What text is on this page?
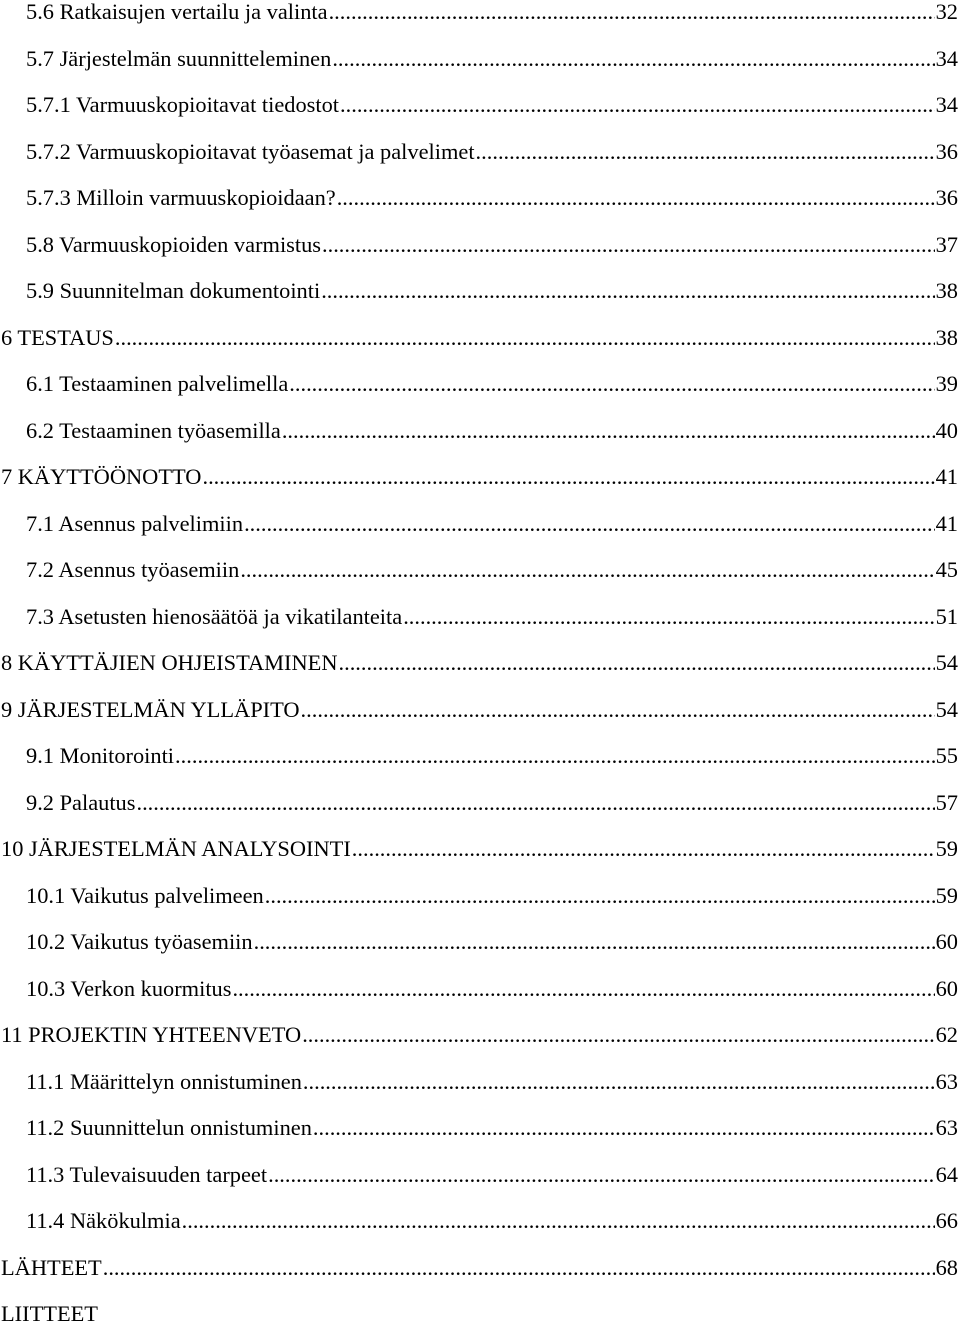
5.6 Ratkaisujen vertailu ja valinta .....	32
5.7 Järjestelmän suunnitteleminen .....	34
5.7.1 Varmuuskopioitavat tiedostot .....	34
5.7.2 Varmuuskopioitavat työasemat ja palvelimet .....	36
5.7.3 Milloin varmuuskopioidaan? .....	36
5.8 Varmuuskopioiden varmistus .....	37
5.9 Suunnitelman dokumentointi .....	38
6 TESTAUS .....	38
6.1 Testaaminen palvelimella .....	39
6.2 Testaaminen työasemilla .....	40
7 KÄYTTÖÖNOTTO .....	41
7.1 Asennus palvelimiin .....	41
7.2 Asennus työasemiin .....	45
7.3 Asetusten hienosäätöä ja vikatilanteita .....	51
8 KÄYTTÄJIEN OHJEISTAMINEN .....	54
9 JÄRJESTELMÄN YLLÄPITO .....	54
9.1 Monitorointi .....	55
9.2 Palautus .....	57
10 JÄRJESTELMÄN ANALYSOINTI .....	59
10.1 Vaikutus palvelimeen .....	59
10.2 Vaikutus työasemiin .....	60
10.3 Verkon kuormitus .....	60
11 PROJEKTIN YHTEENVETO .....	62
11.1 Määrittelyn onnistuminen .....	63
11.2 Suunnittelun onnistuminen .....	63
11.3 Tulevaisuuden tarpeet .....	64
11.4 Näkökulmia .....	66
LÄHTEET .....	68
LIITTEET
